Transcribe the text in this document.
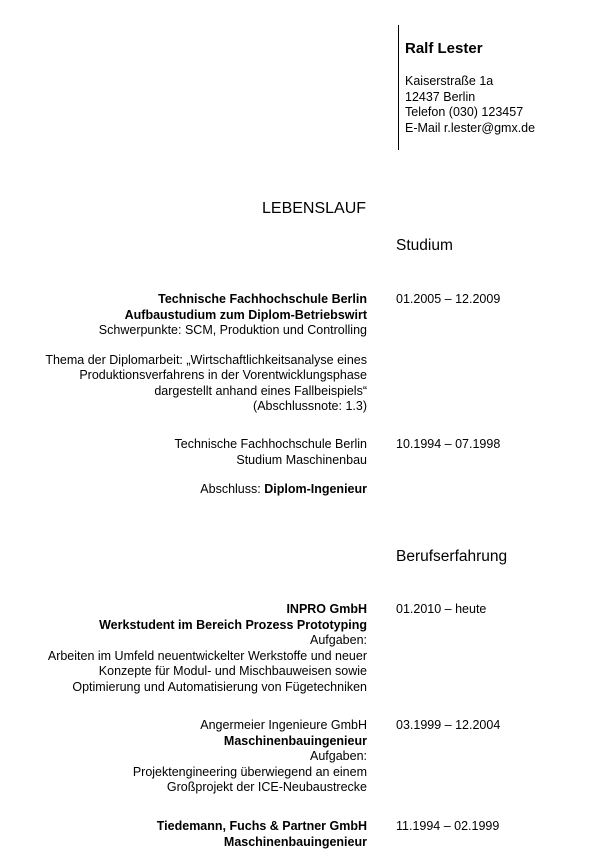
Ralf Lester

Kaiserstraße 1a

12437 Berlin

Telefon (030) 123457

E-Mail r.lester@gmx.de

LEBENSLAUF
Studium

Technische Fachhochschule Berlin

Aufbaustudium zum Diplom-Betriebswirt

Schwerpunkte: SCM, Produktion und Controlling

Thema der Diplomarbeit: „Wirtschaftlichkeitsanalyse eines

Produktionsverfahrens in der Vorentwicklungsphase

dargestellt anhand eines Fallbeispiels“

(Abschlussnote: 1.3)

01.2005 – 12.2009

Technische Fachhochschule Berlin

Studium Maschinenbau

Abschluss: Diplom-Ingenieur

10.1994 – 07.1998
Berufserfahrung

INPRO GmbH

Werkstudent im Bereich Prozess Prototyping

Aufgaben:

Arbeiten im Umfeld neuentwickelter Werkstoffe und neuer

Konzepte für Modul- und Mischbauweisen sowie

Optimierung und Automatisierung von Fügetechniken

01.2010 – heute

Angermeier Ingenieure GmbH

Maschinenbauingenieur

Aufgaben:

Projektengineering überwiegend an einem

Großprojekt der ICE-Neubaustrecke

03.1999 – 12.2004

Tiedemann, Fuchs & Partner GmbH

Maschinenbauingenieur

11.1994 – 02.1999
